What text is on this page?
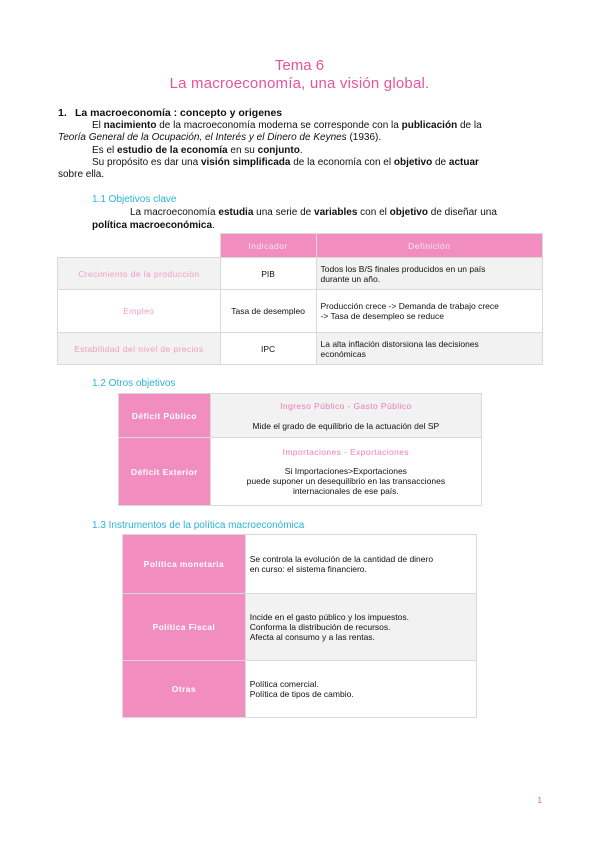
Tema 6
La macroeconomía, una visión global.
1. La macroeconomía : concepto y origenes
El nacimiento de la macroeconomía moderna se corresponde con la publicación de la
Teoría General de la Ocupación, el Interés y el Dinero de Keynes (1936).
Es el estudio de la economía en su conjunto.
Su propósito es dar una visión simplificada de la economía con el objetivo de actuar
sobre ella.
1.1 Objetivos clave
La macroeconomía estudia una serie de variables con el objetivo de diseñar una
política macroeconómica.
	Indicador	Definición
Crecimiento de la producción	PIB	Todos los B/S finales producidos en un país
durante un año.
Empleo	Tasa de desempleo	Producción crece -> Demanda de trabajo crece
-> Tasa de desempleo se reduce
Estabilidad del nivel de precios	IPC	La alta inflación distorsiona las decisiones
económicas
1.2 Otros objetivos
Déficit Público	Ingreso Público - Gasto Público
Mide el grado de equilibrio de la actuación del SP

Déficit Exterior	Importaciones - Exportaciones
Si Importaciones>Exportaciones
puede suponer un desequilibrio en las transacciones
internacionales de ese país.
1.3 Instrumentos de la política macroeconómica
Política monetaria	Se controla la evolución de la cantidad de dinero
en curso: el sistema financiero.
Política Fiscal	Incide en el gasto público y los impuestos.
Conforma la distribución de recursos.
Afecta al consumo y a las rentas.
Otras	Política comercial.
Política de tipos de cambio.
1
